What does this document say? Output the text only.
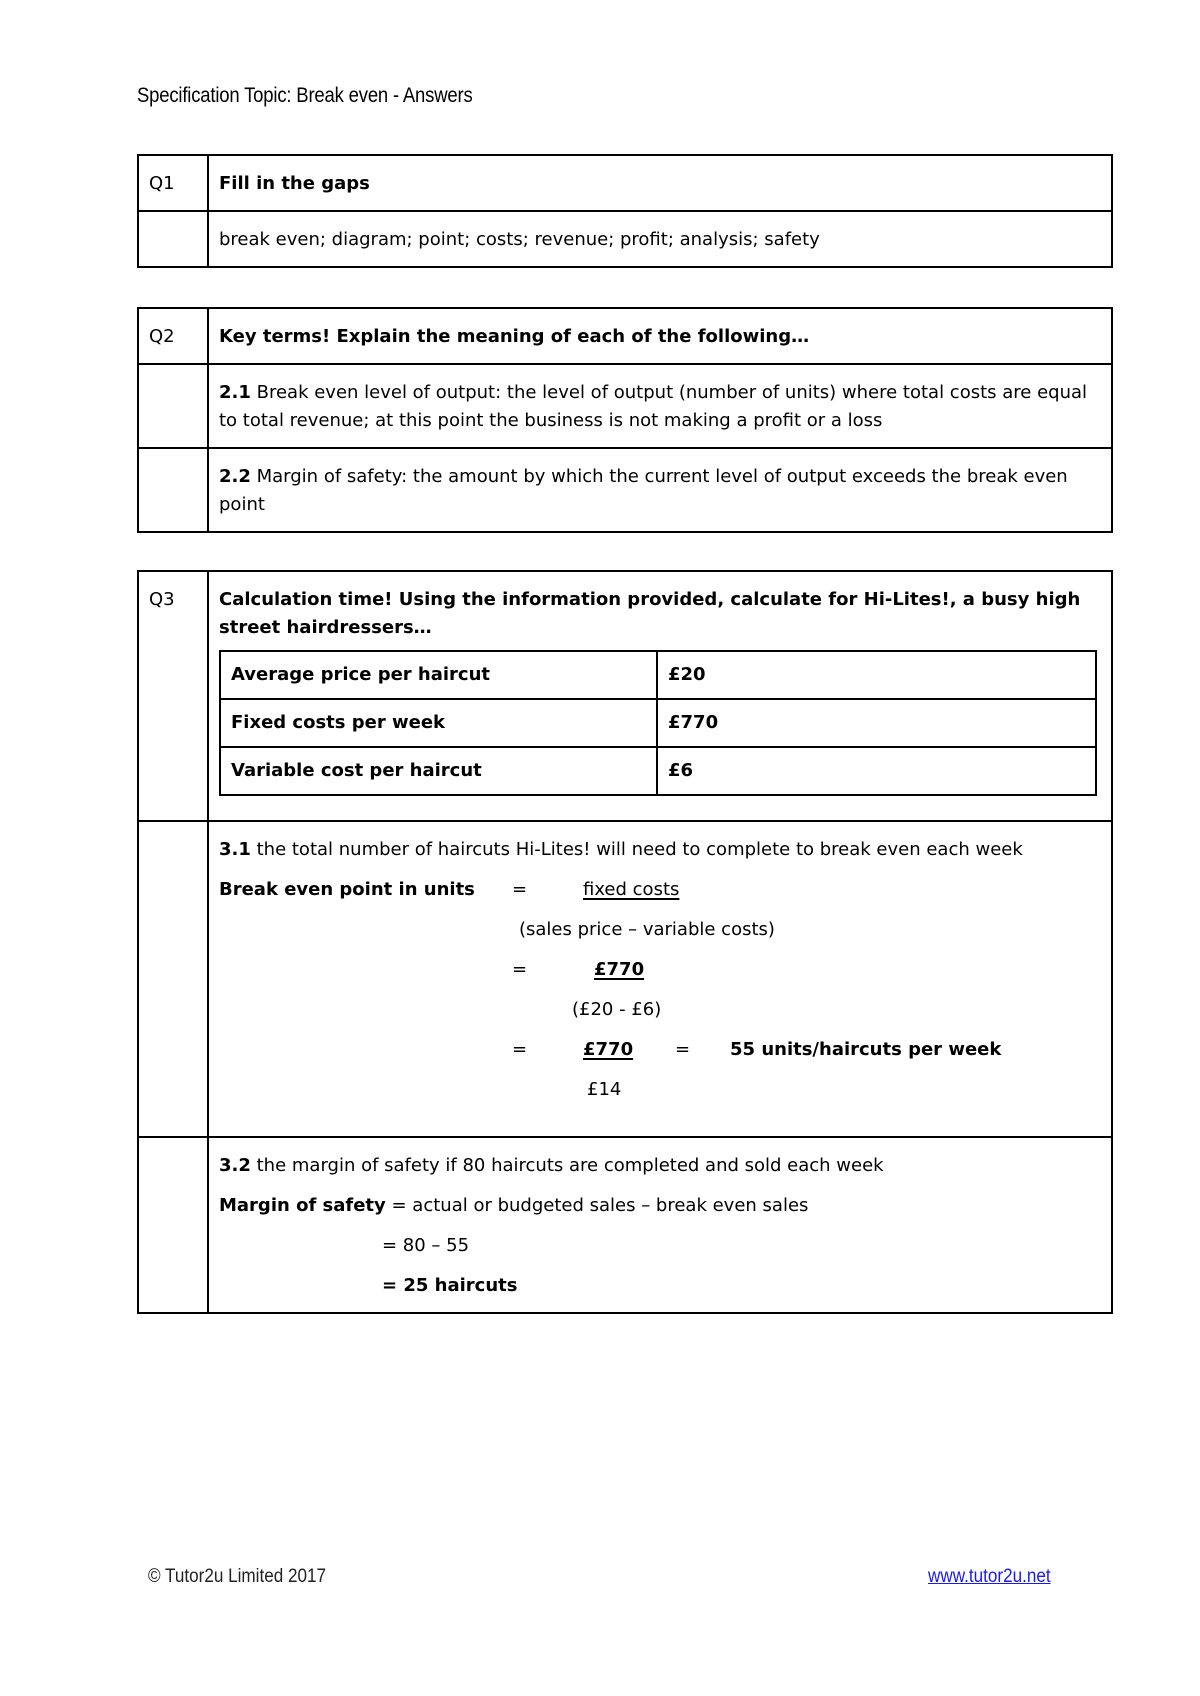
Specification Topic: Break even - Answers
Q1	Fill in the gaps
	break even; diagram; point; costs; revenue; profit; analysis; safety
Q2	Key terms! Explain the meaning of each of the following…
	2.1 Break even level of output: the level of output (number of units) where total costs are equal to total revenue; at this point the business is not making a profit or a loss
	2.2 Margin of safety: the amount by which the current level of output exceeds the break even point
Q3	Calculation time! Using the information provided, calculate for Hi-Lites!, a busy high street hairdressers…
Average price per haircut	£20
Fixed costs per week	£770
Variable cost per haircut	£6

3.1 the total number of haircuts Hi-Lites! will need to complete to break even each week
Break even point in units =	fixed costs
(sales price – variable costs)
=	£770
(£20 - £6)
=	£770 = 55 units/haircuts per week
£14

3.2 the margin of safety if 80 haircuts are completed and sold each week
Margin of safety = actual or budgeted sales – break even sales
= 80 – 55
= 25 haircuts
© Tutor2u Limited 2017	www.tutor2u.net
